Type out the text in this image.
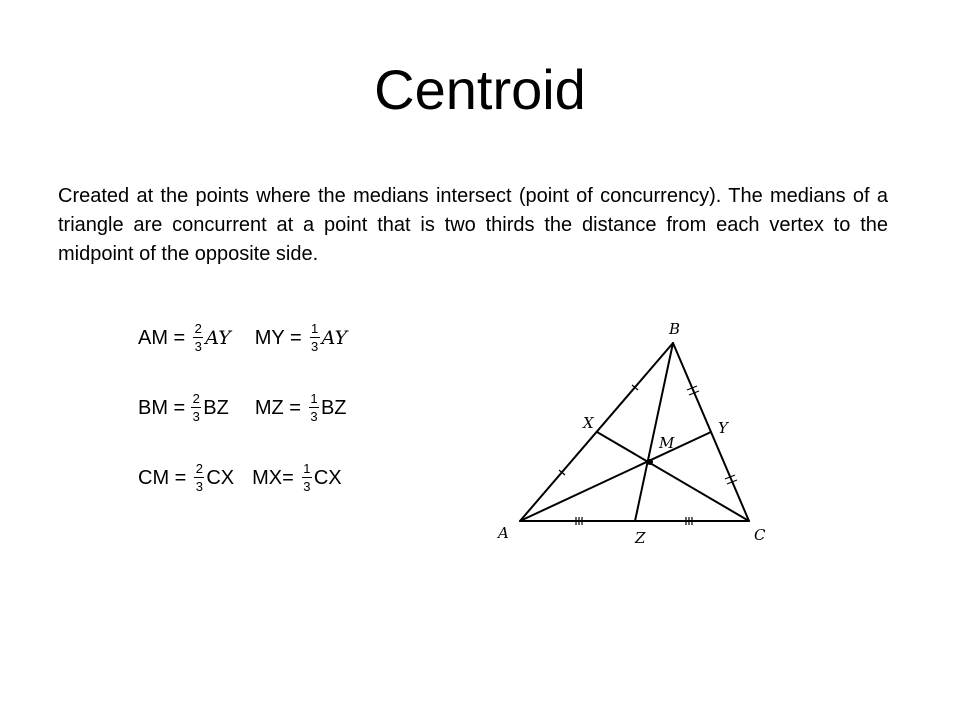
Centroid

Created at the points where the medians intersect (point of concurrency). The medians of a triangle are concurrent at a point that is two thirds the distance from each vertex to the midpoint of the opposite side.

AM = $\frac{2}{3}$ AY MY = $\frac{1}{3}$ AY
BM = $\frac{2}{3}$ BZ MZ = $\frac{1}{3}$ BZ
CM = $\frac{2}{3}$ CX $MX= \frac{1}{3}$ CX
B
A	C
X	Y
Z
M
